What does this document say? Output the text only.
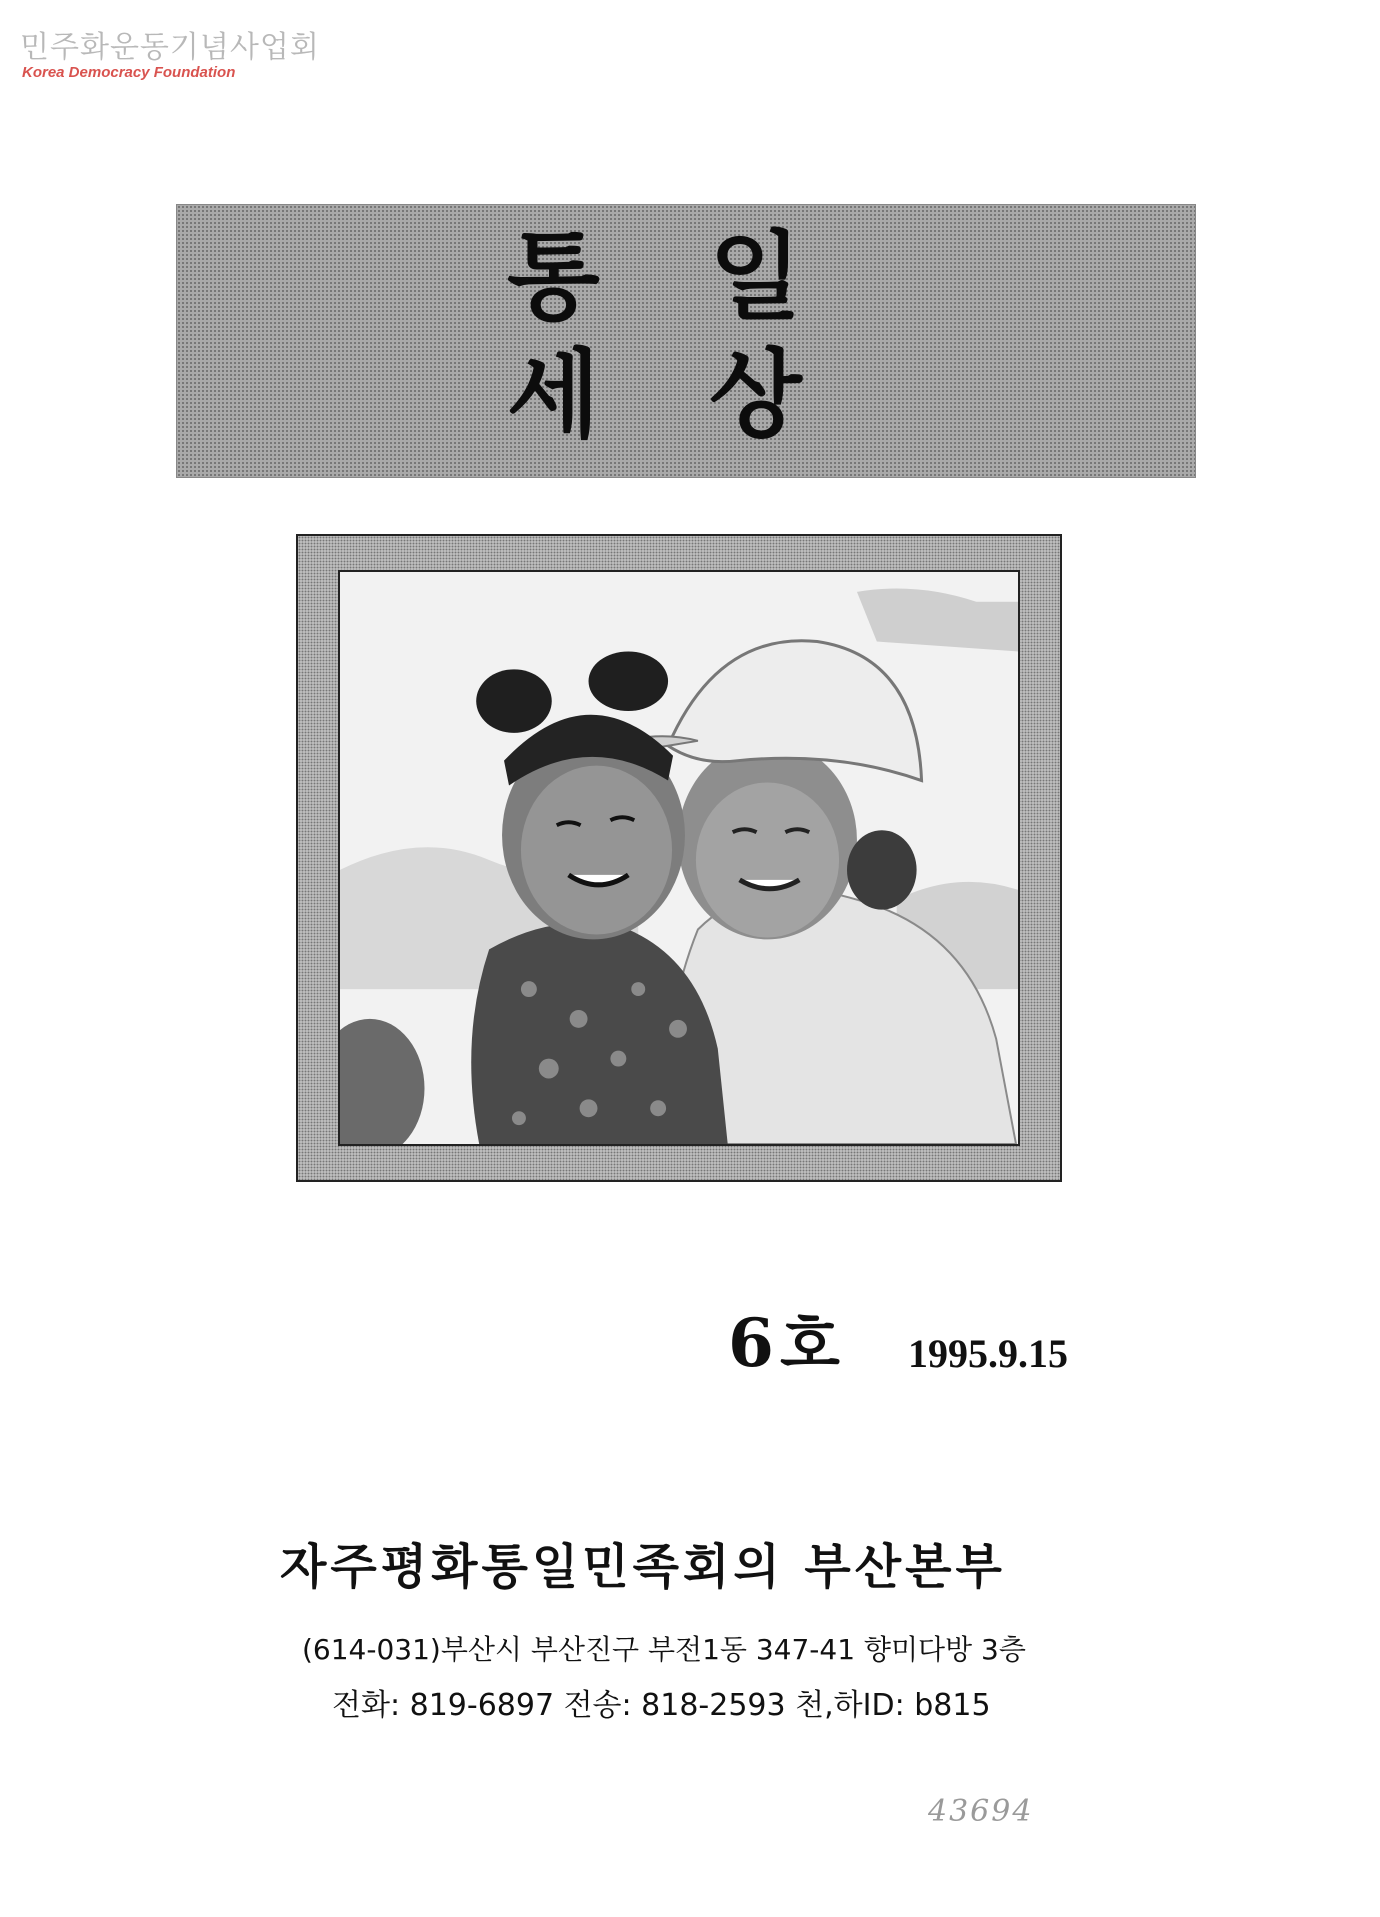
민주화운동기념사업회
Korea Democracy Foundation
통 일
세 상
6호 1995.9.15
자주평화통일민족회의 부산본부
(614-031)부산시 부산진구 부전1동 347-41 향미다방 3층
전화: 819-6897 전송: 818-2593 천,하ID: b815
43694
